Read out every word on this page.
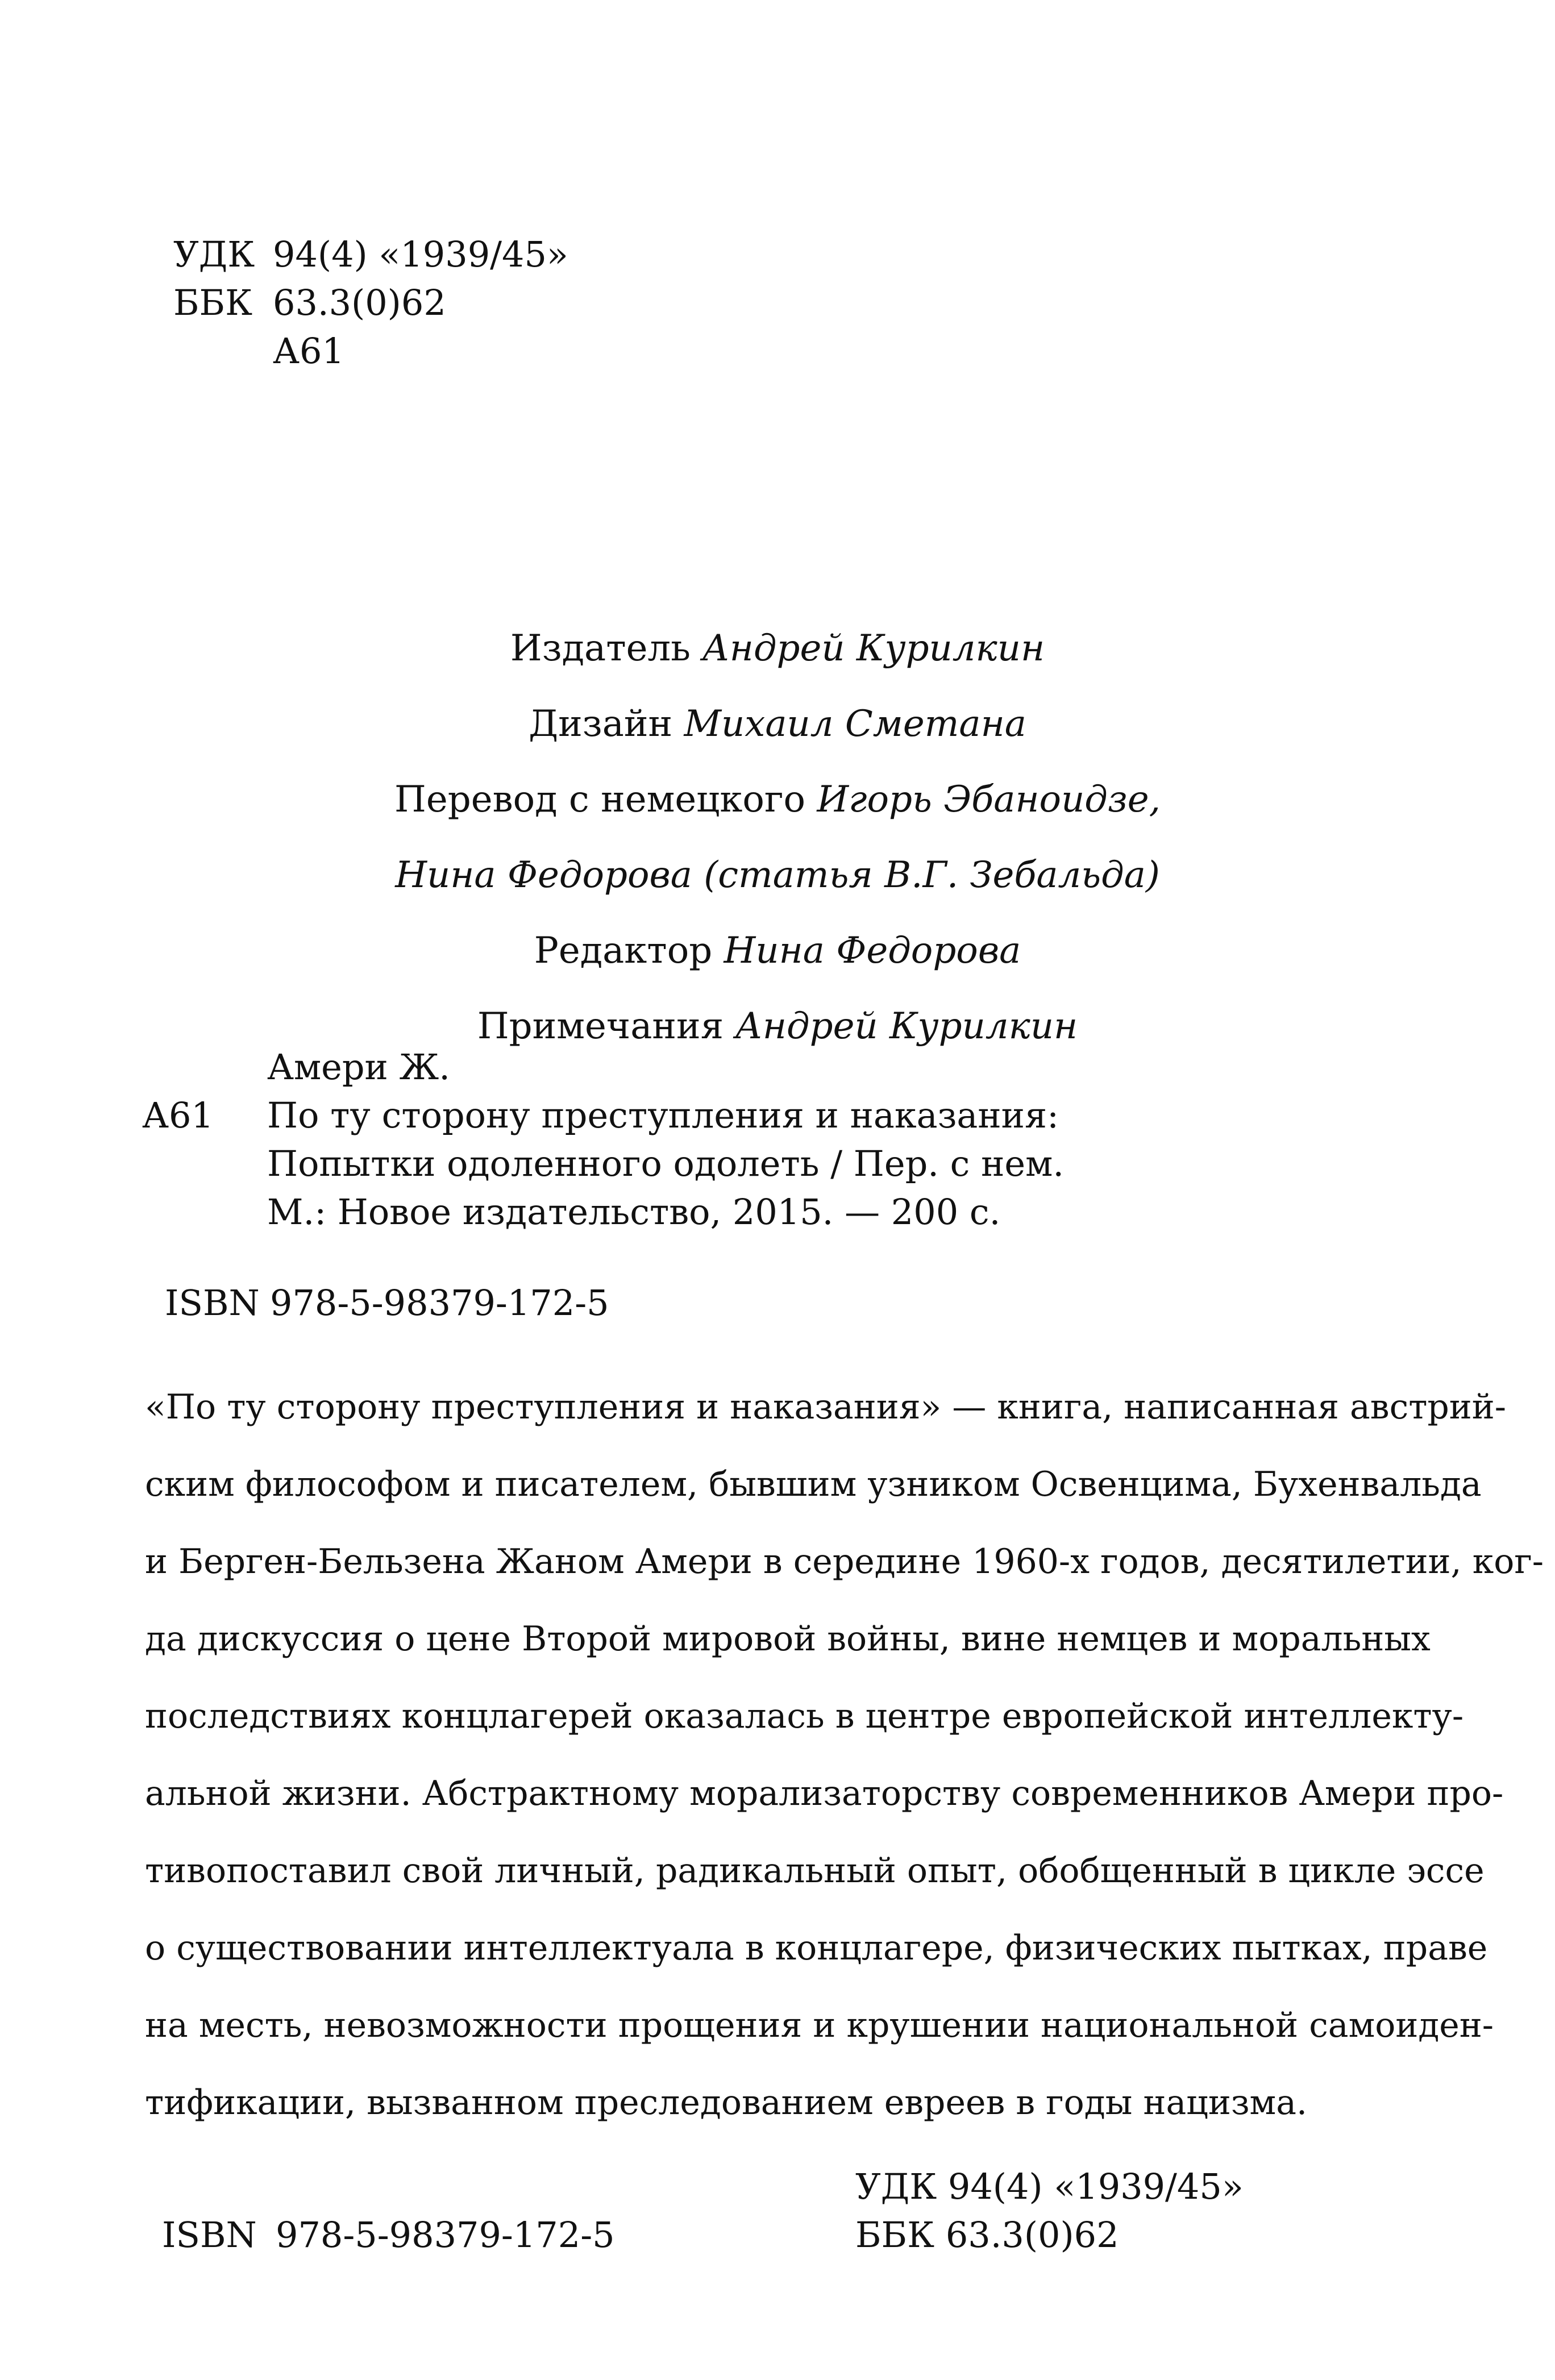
УДК 94(4) «1939/45»
ББК 63.3(0)62
А61
Издатель Андрей Курилкин
Дизайн Михаил Сметана
Перевод с немецкого Игорь Эбаноидзе,
Нина Федорова (статья В.Г. Зебальда)
Редактор Нина Федорова
Примечания Андрей Курилкин
Амери Ж.
А61 По ту сторону преступления и наказания:
Попытки одоленного одолеть / Пер. с нем.
М.: Новое издательство, 2015. — 200 с.
ISBN 978-5-98379-172-5
«По ту сторону преступления и наказания» — книга, написанная австрий-
ским философом и писателем, бывшим узником Освенцима, Бухенвальда
и Берген-Бельзена Жаном Амери в середине 1960-х годов, десятилетии, ког-
да дискуссия о цене Второй мировой войны, вине немцев и моральных
последствиях концлагерей оказалась в центре европейской интеллекту-
альной жизни. Абстрактному морализаторству современников Амери про-
тивопоставил свой личный, радикальный опыт, обобщенный в цикле эссе
о существовании интеллектуала в концлагере, физических пытках, праве
на месть, невозможности прощения и крушении национальной самоиден-
тификации, вызванном преследованием евреев в годы нацизма.
УДК 94(4) «1939/45»
ББК 63.3(0)62
ISBN 978-5-98379-172-5
